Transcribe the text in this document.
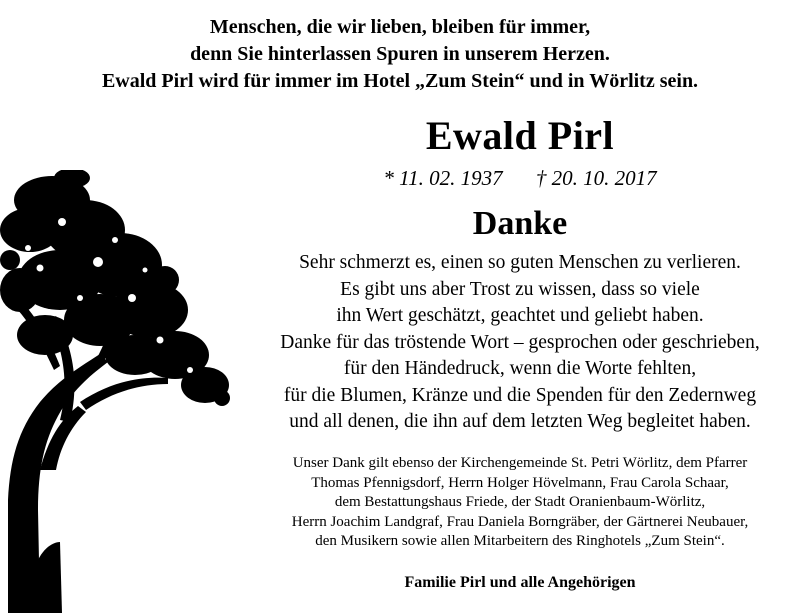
Menschen, die wir lieben, bleiben für immer,
denn Sie hinterlassen Spuren in unserem Herzen.
Ewald Pirl wird für immer im Hotel „Zum Stein“ und in Wörlitz sein.
Ewald Pirl
* 11. 02. 1937 † 20. 10. 2017
Danke
Sehr schmerzt es, einen so guten Menschen zu verlieren.
Es gibt uns aber Trost zu wissen, dass so viele
ihn Wert geschätzt, geachtet und geliebt haben.
Danke für das tröstende Wort – gesprochen oder geschrieben,
für den Händedruck, wenn die Worte fehlten,
für die Blumen, Kränze und die Spenden für den Zedernweg
und all denen, die ihn auf dem letzten Weg begleitet haben.
Unser Dank gilt ebenso der Kirchengemeinde St. Petri Wörlitz, dem Pfarrer
Thomas Pfennigsdorf, Herrn Holger Hövelmann, Frau Carola Schaar,
dem Bestattungshaus Friede, der Stadt Oranienbaum-Wörlitz,
Herrn Joachim Landgraf, Frau Daniela Borngräber, der Gärtnerei Neubauer,
den Musikern sowie allen Mitarbeitern des Ringhotels „Zum Stein“.
Familie Pirl und alle Angehörigen
